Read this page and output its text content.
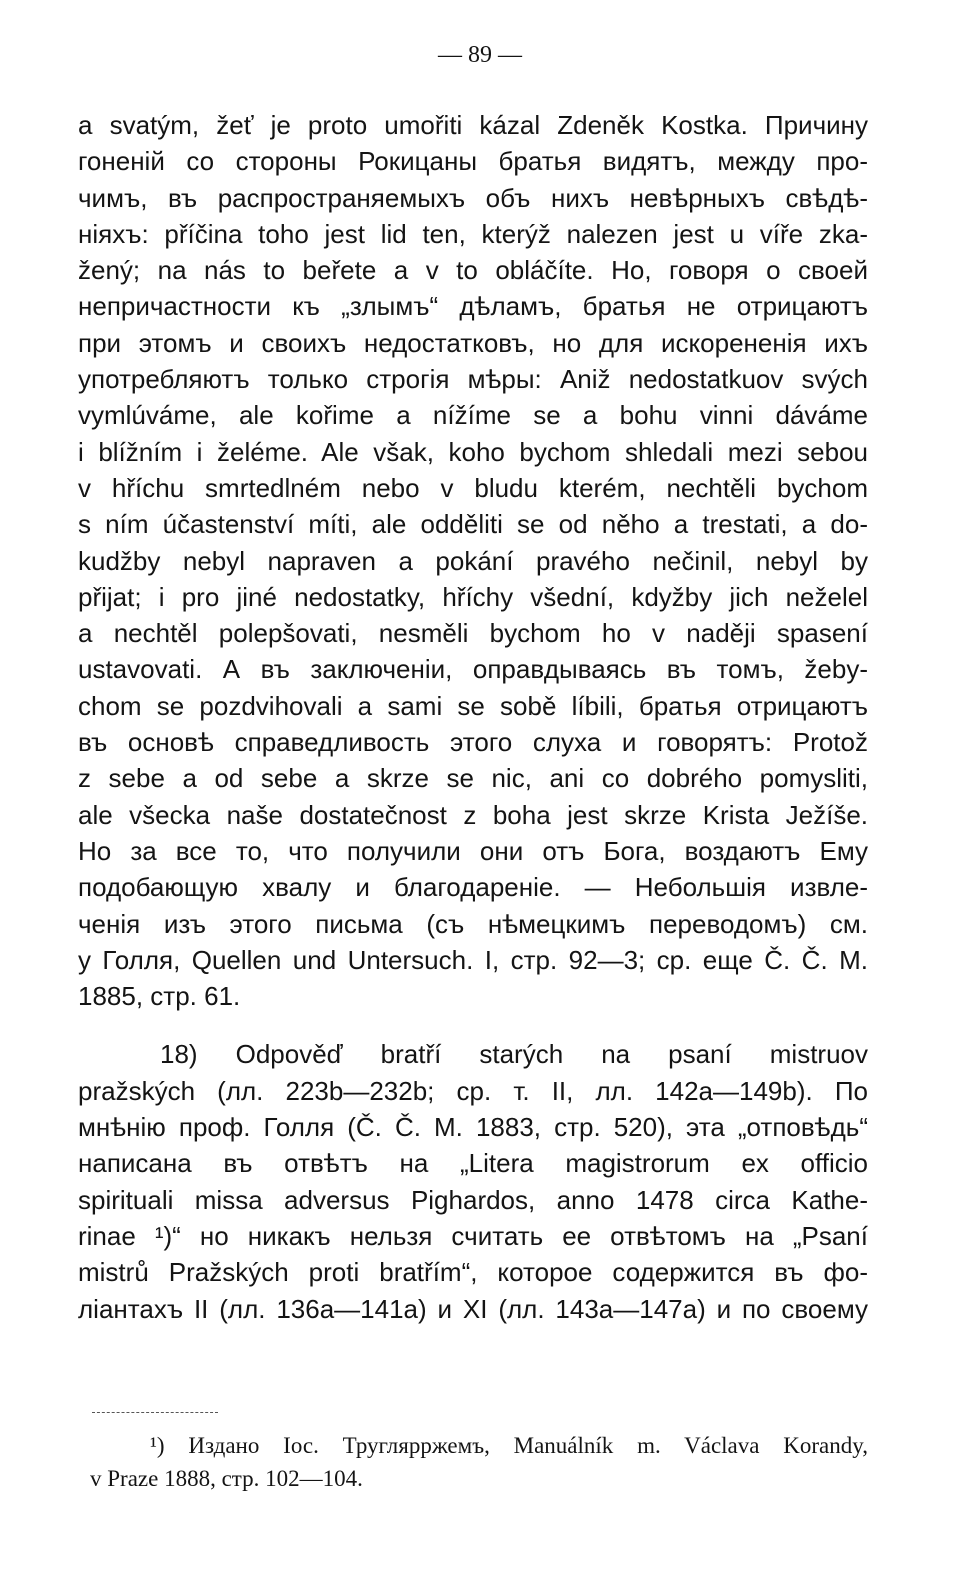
— 89 —
a svatým, žeť je proto umořiti kázal Zdeněk Kostka. Причину
гоненій со стороны Рокицаны братья видятъ, между про-
чимъ, въ распространяемыхъ объ нихъ невѣрныхъ свѣдѣ-
ніяхъ: příčina toho jest lid ten, kterýž nalezen jest u víře zka-
žený; na nás to beřete a v to obláčíte. Но, говоря о своей
непричастности къ „злымъ“ дѣламъ, братья не отрицаютъ
при этомъ и своихъ недостатковъ, но для искорененія ихъ
употребляютъ только строгія мѣры: Aniž nedostatkuov svých
vymlúváme, ale kořime a nížíme se a bohu vinni dáváme
i blížním i želéme. Ale však, koho bychom shledali mezi sebou
v hříchu smrtedlném nebo v bludu kterém, nechtěli bychom
s ním účastenství míti, ale odděliti se od něho a trestati, a do-
kudžby nebyl napraven a pokání pravého nečinil, nebyl by
přijat; i pro jiné nedostatky, hříchy všední, kdyžby jich neželel
a nechtěl polepšovati, nesměli bychom ho v naději spasení
ustavovati. А въ заключеніи, оправдываясь въ томъ, žeby-
chom se pozdvihovali a sami se sobě líbili, братья отрицаютъ
въ основѣ справедливость этого слуха и говорятъ: Protož
z sebe a od sebe a skrze se nic, ani co dobrého pomysliti,
ale všecka naše dostatečnost z boha jest skrze Krista Ježíše.
Но за все то, что получили они отъ Бога, воздаютъ Ему
подобающую хвалу и благодареніе. — Небольшія извле-
ченія изъ этого письма (съ нѣмецкимъ переводомъ) см.
у Голля, Quellen und Untersuch. I, стр. 92—3; ср. еще Č. Č. M.
1885, стр. 61.
18) Odpověď bratří starých na psaní mistruov
pražských (лл. 223b—232b; ср. т. II, лл. 142a—149b). По
мнѣнію проф. Голля (Č. Č. M. 1883, стр. 520), эта „отповѣдь“
написана въ отвѣтъ на „Litera magistrorum ex officio
spirituali missa adversus Pighardos, anno 1478 circa Kathe-
rinae ¹)“ но никакъ нельзя считать ее отвѣтомъ на „Psaní
mistrů Pražských proti bratřím“, которое содержится въ фо-
ліантахъ II (лл. 136a—141a) и XI (лл. 143a—147a) и по своему
¹) Издано Іос. Труглярржемъ, Manuálník m. Václava Korandy,
v Praze 1888, стр. 102—104.
